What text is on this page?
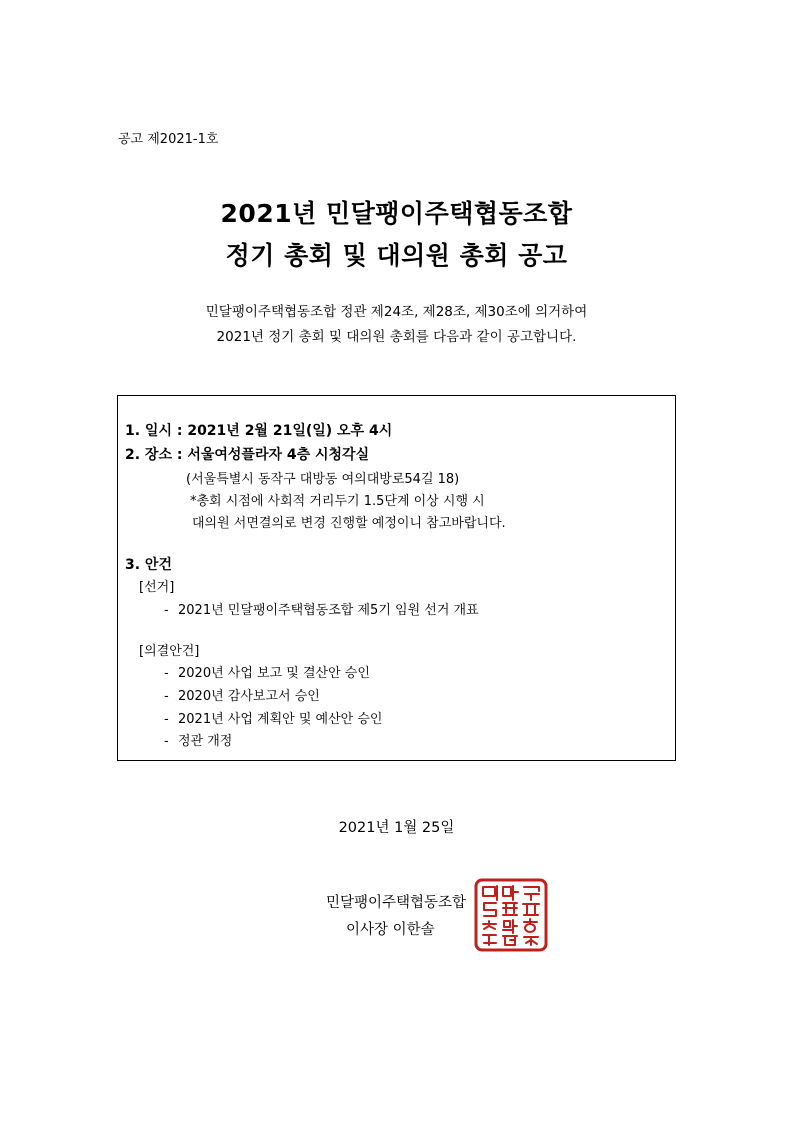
공고 제2021-1호
2021년 민달팽이주택협동조합
정기 총회 및 대의원 총회 공고
민달팽이주택협동조합 정관 제24조, 제28조, 제30조에 의거하여
2021년 정기 총회 및 대의원 총회를 다음과 같이 공고합니다.
1. 일시 : 2021년 2월 21일(일) 오후 4시
2. 장소 : 서울여성플라자 4층 시청각실
(서울특별시 동작구 대방동 여의대방로54길 18)
*총회 시점에 사회적 거리두기 1.5단계 이상 시행 시
대의원 서면결의로 변경 진행할 예정이니 참고바랍니다.
3. 안건
[선거]
- 2021년 민달팽이주택협동조합 제5기 임원 선거 개표
[의결안건]
- 2020년 사업 보고 및 결산안 승인
- 2020년 감사보고서 승인
- 2021년 사업 계획안 및 예산안 승인
- 정관 개정
2021년 1월 25일
민달팽이주택협동조합
이사장 이한솔
